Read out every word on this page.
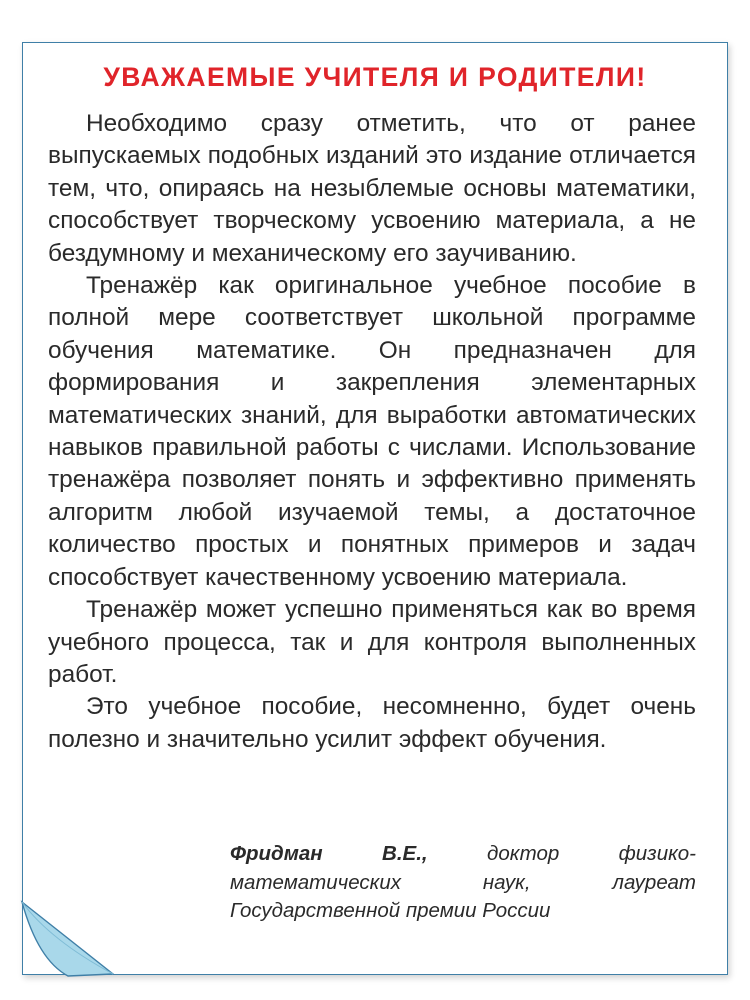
УВАЖАЕМЫЕ УЧИТЕЛЯ И РОДИТЕЛИ!

Необходимо сразу отметить, что от ранее выпускаемых подобных изданий это издание отличается тем, что, опираясь на незыблемые основы математики, способствует творческому усвоению материала, а не бездумному и механическому его заучиванию.

Тренажёр как оригинальное учебное пособие в полной мере соответствует школьной программе обучения математике. Он предназначен для формирования и закрепления элементарных математических знаний, для выработки автоматических навыков правильной работы с числами. Использование тренажёра позволяет понять и эффективно применять алгоритм любой изучаемой темы, а достаточное количество простых и понятных примеров и задач способствует качественному усвоению материала.

Тренажёр может успешно применяться как во время учебного процесса, так и для контроля выполненных работ.

Это учебное пособие, несомненно, будет очень полезно и значительно усилит эффект обучения.

Фридман В.Е.,	доктор физико-математических наук, лауреат Государственной премии России
